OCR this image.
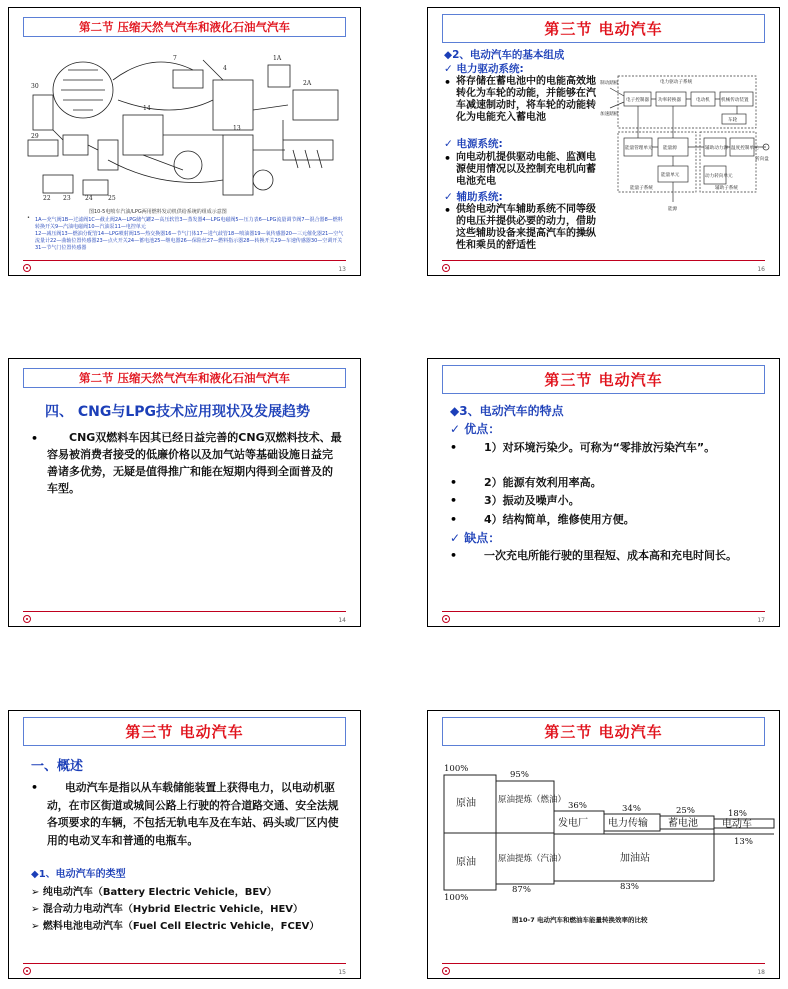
第二节 压缩天然气汽车和液化石油气汽车
22 23 24	25
7
4
1A
2A
30
29
14
13
图10-5电喷车汽油/LPG两用燃料发动机供给系统的组成示意图
• 1A—充气阀1B—过滤阀1C—截止阀2A—LPG储气罐2—高压软管3—蒸发器4—LPG电磁阀5—压力表6—LPG流量调节阀7—混合器8—燃料转换开关9—汽油电磁阀10—汽油泵11—电控单元
12—减压阀13—燃油分配管14—LPG喷射阀15—热交换器16—节气门体17—进气歧管18—喷油器19—氧传感器20—三元催化器21—空气流量计22—曲轴位置传感器23—点火开关24—蓄电池25—继电器26—保险丝27—燃料指示器28—转换开关29—车速传感器30—空调开关31—节气门位置传感器
13
第三节 电动汽车
◆2、电动汽车的基本组成
✓ 电力驱动系统:
• 将存储在蓄电池中的电能高效地转化为车轮的动能，并能够在汽车减速制动时，将车轮的动能转化为电能充入蓄电池
✓ 电源系统:
• 向电动机提供驱动电能、监测电源使用情况以及控制充电机向蓄电池充电
✓ 辅助系统:
• 供给电动汽车辅助系统不同等级的电压并提供必要的动力，借助这些辅助设备来提高汽车的操纵性和乘员的舒适性
电力驱动子系统
制动踏板
加速踏板
电子控制器 功率转换器	电动机 机械传动装置
车轮
能量管理单元 能量源	辅助动力源
能量单元
温度控制单元
动力转向单元
能量子系统	辅助子系统
转向盘
能源
16
第二节 压缩天然气汽车和液化石油气汽车
四、 CNG与LPG技术应用现状及发展趋势
•	CNG双燃料车因其已经日益完善的CNG双燃料技术、最容易被消费者接受的低廉价格以及加气站等基础设施日益完善诸多优势，无疑是值得推广和能在短期内得到全面普及的车型。
14
第三节 电动汽车
◆3、电动汽车的特点
✓ 优点：
•	1）对环境污染少。可称为“零排放污染汽车”。
•	2）能源有效利用率高。
•	3）振动及噪声小。
•	4）结构简单，维修使用方便。
✓ 缺点：
•	一次充电所能行驶的里程短、成本高和充电时间长。
17
第三节 电动汽车
一、概述
•	电动汽车是指以从车载储能装置上获得电力，以电动机驱动，在市区街道或城间公路上行驶的符合道路交通、安全法规各项要求的车辆，不包括无轨电车及在车站、码头或厂区内使用的电动叉车和普通的电瓶车。
◆1、电动汽车的类型
➢ 纯电动汽车（Battery Electric Vehicle，BEV）
➢ 混合动力电动汽车（Hybrid Electric Vehicle，HEV）
➢ 燃料电池电动汽车（Fuel Cell Electric Vehicle，FCEV）
15
第三节 电动汽车
100%
95%
36%	34%	25%	18%
13%
87%	83%
100%
原油	原油提炼（燃油）
发电厂 电力传输 蓄电池 电动车
原油	原油提炼（汽油）	加油站
图10-7 电动汽车和燃油车能量转换效率的比较
18
